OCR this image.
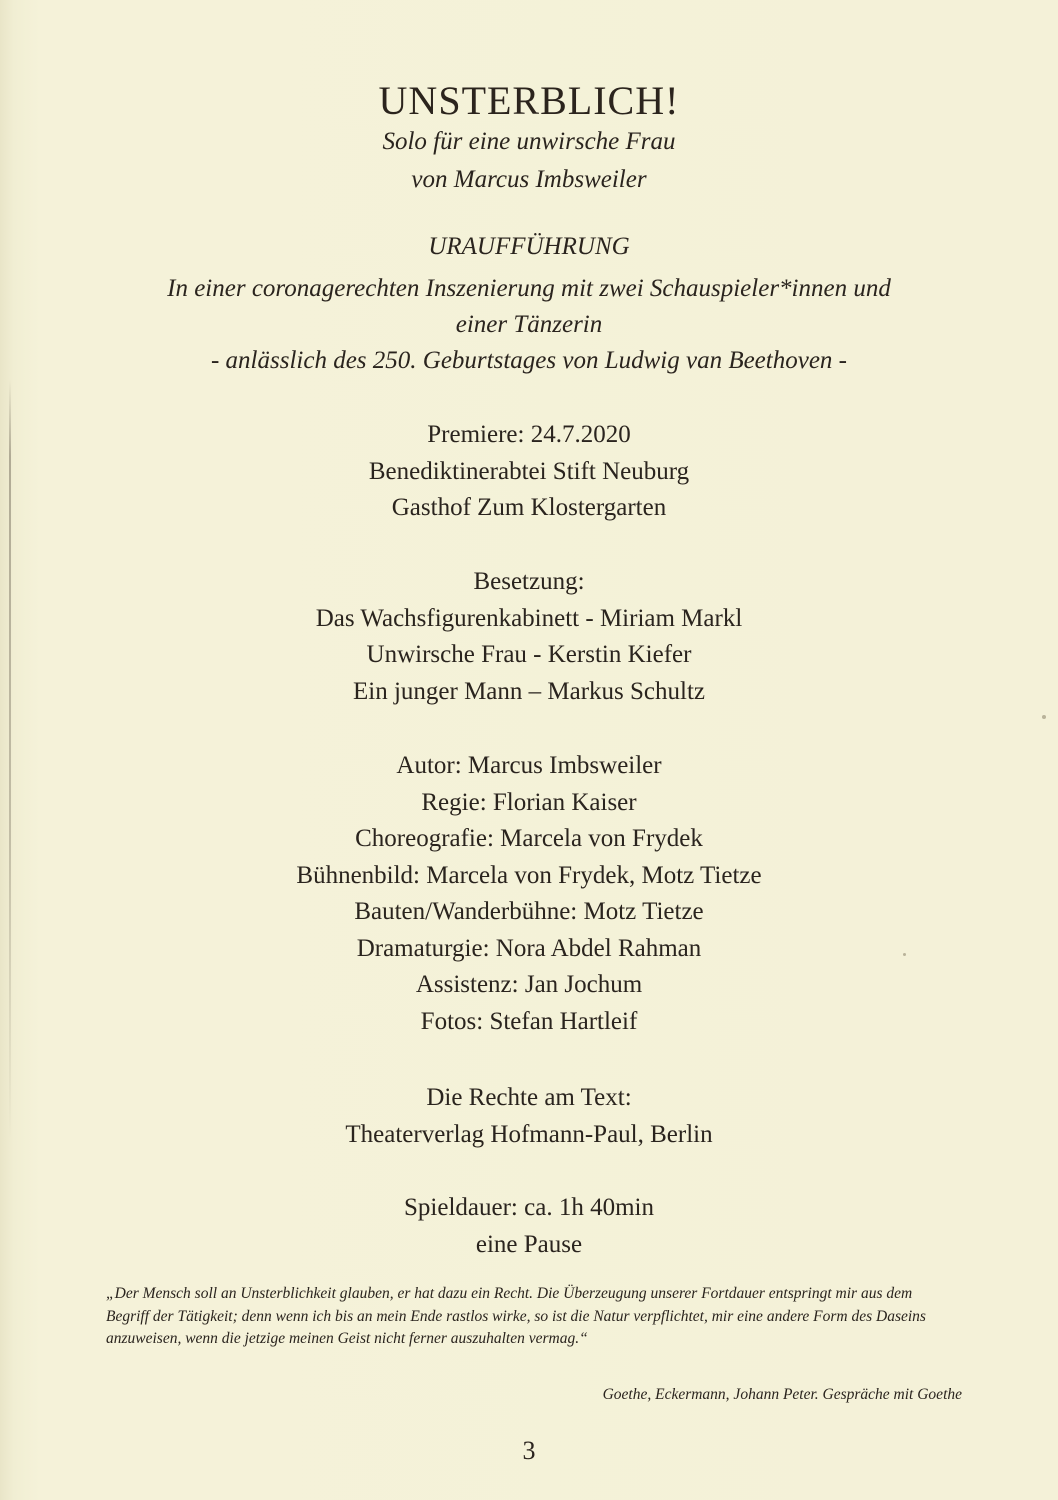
UNSTERBLICH!
Solo für eine unwirsche Frau
von Marcus Imbsweiler
URAUFFÜHRUNG
In einer coronagerechten Inszenierung mit zwei Schauspieler*innen und
einer Tänzerin
- anlässlich des 250. Geburtstages von Ludwig van Beethoven -
Premiere: 24.7.2020
Benediktinerabtei Stift Neuburg
Gasthof Zum Klostergarten
Besetzung:
Das Wachsfigurenkabinett - Miriam Markl
Unwirsche Frau - Kerstin Kiefer
Ein junger Mann – Markus Schultz
Autor: Marcus Imbsweiler
Regie: Florian Kaiser
Choreografie: Marcela von Frydek
Bühnenbild: Marcela von Frydek, Motz Tietze
Bauten/Wanderbühne: Motz Tietze
Dramaturgie: Nora Abdel Rahman
Assistenz: Jan Jochum
Fotos: Stefan Hartleif
Die Rechte am Text:
Theaterverlag Hofmann-Paul, Berlin
Spieldauer: ca. 1h 40min
eine Pause
„Der Mensch soll an Unsterblichkeit glauben, er hat dazu ein Recht. Die Überzeugung unserer Fortdauer entspringt mir aus dem Begriff der Tätigkeit; denn wenn ich bis an mein Ende rastlos wirke, so ist die Natur verpflichtet, mir eine andere Form des Daseins anzuweisen, wenn die jetzige meinen Geist nicht ferner auszuhalten vermag.“
Goethe, Eckermann, Johann Peter. Gespräche mit Goethe
3
